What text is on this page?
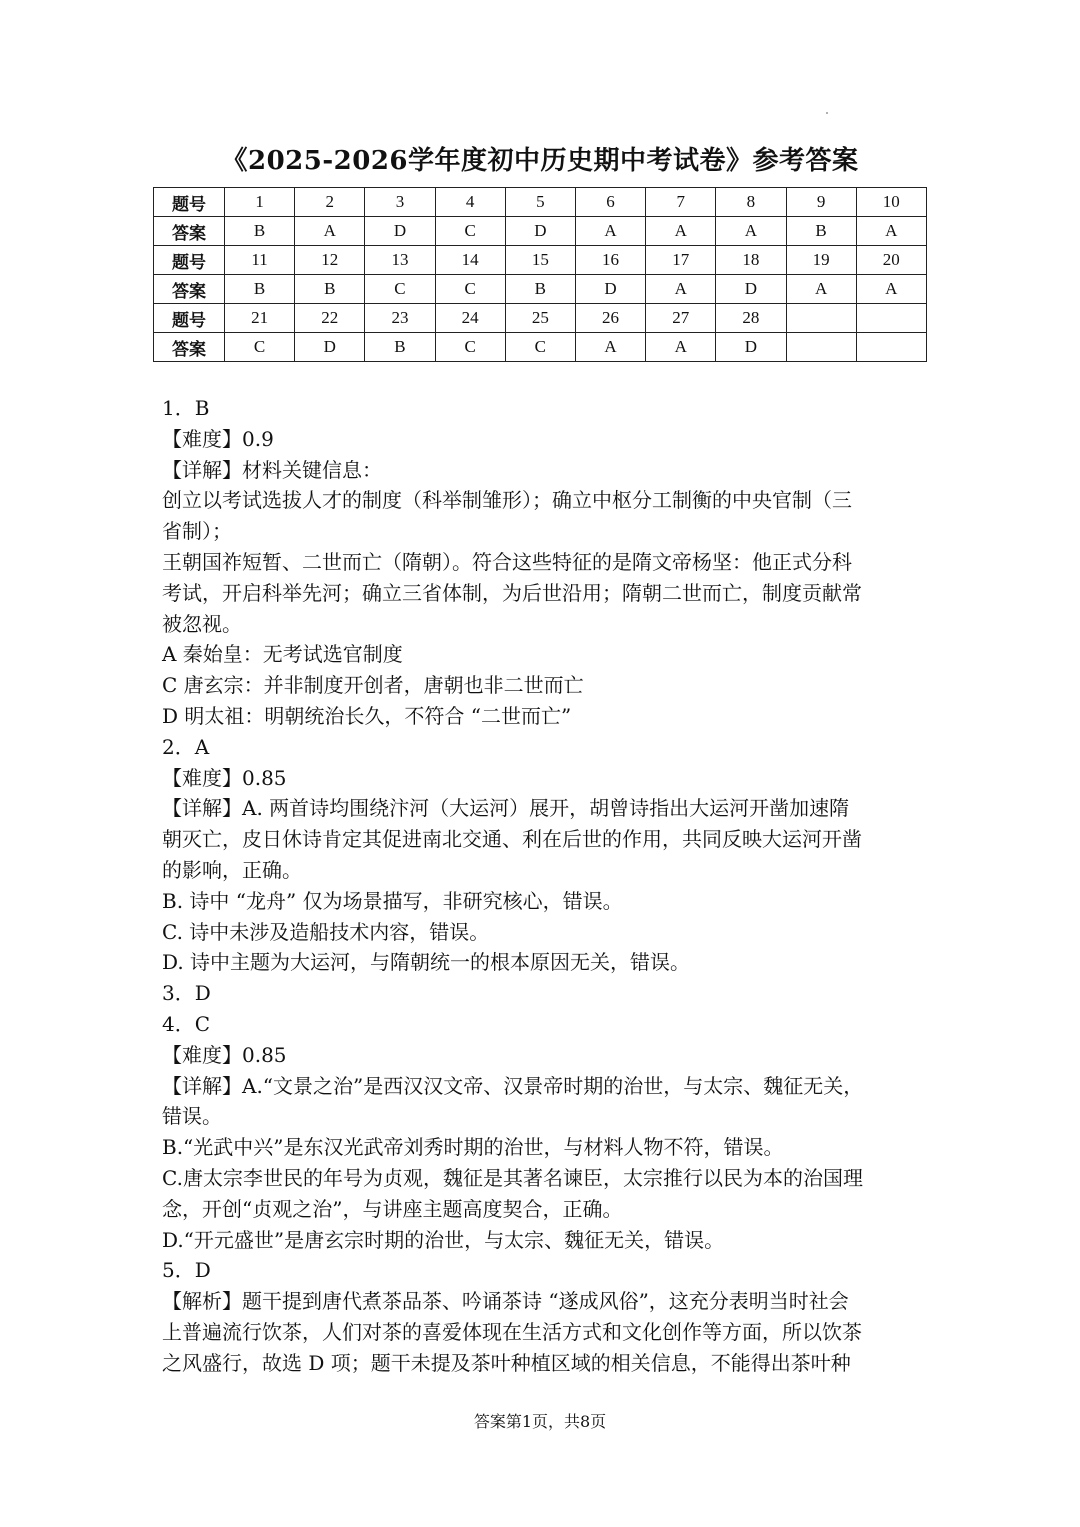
《2025-2026学年度初中历史期中考试卷》参考答案
题号	1	2	3	4	5	6	7	8	9	10
答案	B	A	D	C	D	A	A	A	B	A
题号	11	12	13	14	15	16	17	18	19	20
答案	B	B	C	C	B	D	A	D	A	A
题号	21	22	23	24	25	26	27	28		
答案	C	D	B	C	C	A	A	D		

1．B

【难度】0.9

【详解】材料关键信息：

创立以考试选拔人才的制度（科举制雏形）；确立中枢分工制衡的中央官制（三

省制）；

王朝国祚短暂、二世而亡（隋朝）。符合这些特征的是隋文帝杨坚：他正式分科

考试，开启科举先河；确立三省体制，为后世沿用；隋朝二世而亡，制度贡献常

被忽视。

A 秦始皇：无考试选官制度

C 唐玄宗：并非制度开创者，唐朝也非二世而亡

D 明太祖：明朝统治长久，不符合 “二世而亡”

2．A

【难度】0.85

【详解】A. 两首诗均围绕汴河（大运河）展开，胡曾诗指出大运河开凿加速隋

朝灭亡，皮日休诗肯定其促进南北交通、利在后世的作用，共同反映大运河开凿

的影响，正确。

B. 诗中 “龙舟” 仅为场景描写，非研究核心，错误。

C. 诗中未涉及造船技术内容，错误。

D. 诗中主题为大运河，与隋朝统一的根本原因无关，错误。

3．D

4．C

【难度】0.85

【详解】A.“文景之治”是西汉汉文帝、汉景帝时期的治世，与太宗、魏征无关，

错误。

B.“光武中兴”是东汉光武帝刘秀时期的治世，与材料人物不符，错误。

C.唐太宗李世民的年号为贞观，魏征是其著名谏臣，太宗推行以民为本的治国理

念，开创“贞观之治”，与讲座主题高度契合，正确。

D.“开元盛世”是唐玄宗时期的治世，与太宗、魏征无关，错误。

5．D

【解析】题干提到唐代煮茶品茶、吟诵茶诗 “遂成风俗”，这充分表明当时社会

上普遍流行饮茶，人们对茶的喜爱体现在生活方式和文化创作等方面，所以饮茶

之风盛行，故选 D 项；题干未提及茶叶种植区域的相关信息，不能得出茶叶种

答案第1页，共8页
